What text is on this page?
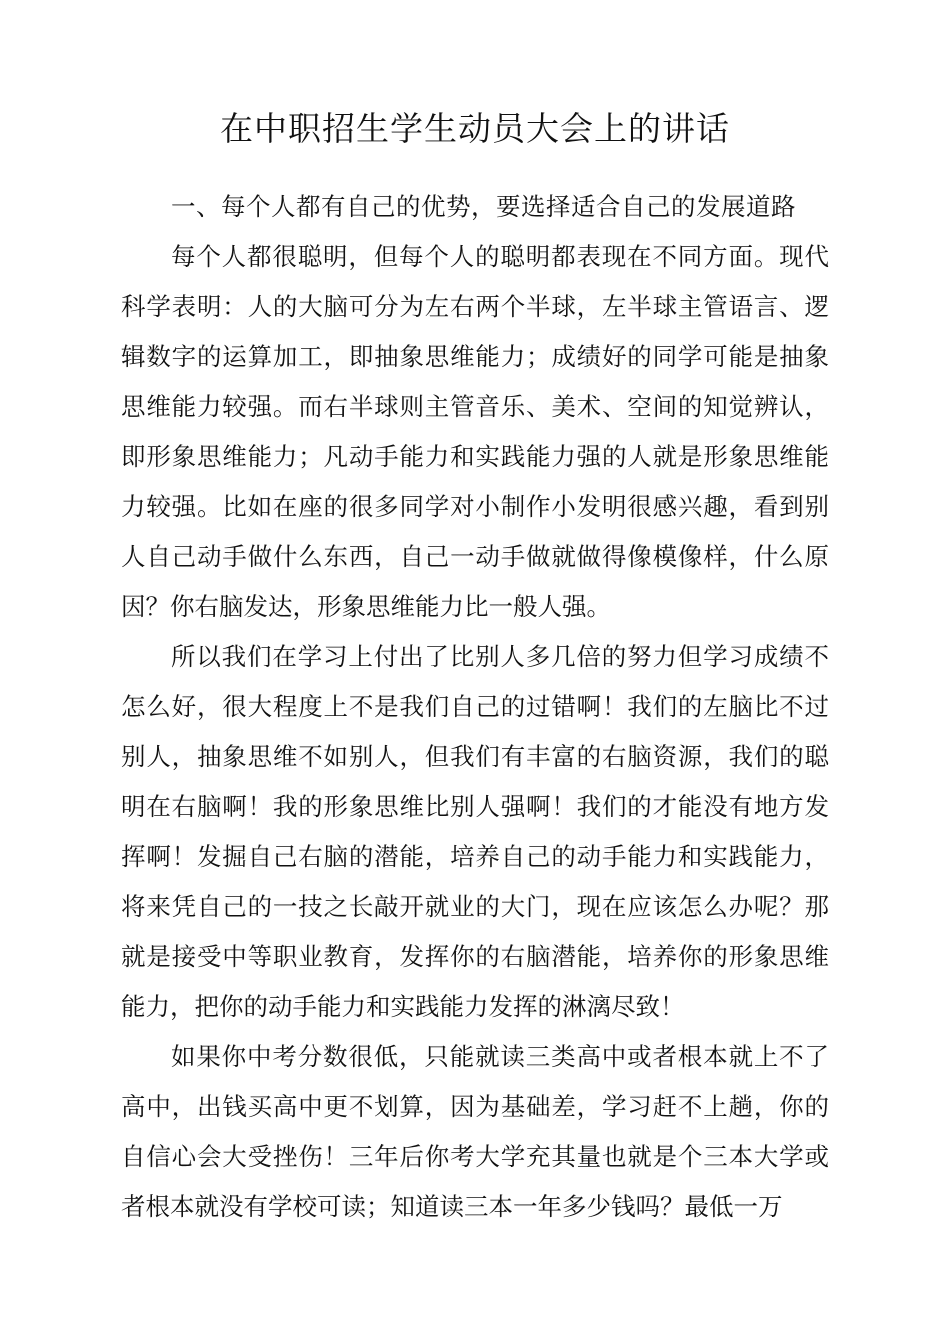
在中职招生学生动员大会上的讲话

一、每个人都有自己的优势，要选择适合自己的发展道路

每个人都很聪明，但每个人的聪明都表现在不同方面。现代科学表明：人的大脑可分为左右两个半球，左半球主管语言、逻辑数字的运算加工，即抽象思维能力；成绩好的同学可能是抽象思维能力较强。而右半球则主管音乐、美术、空间的知觉辨认，即形象思维能力；凡动手能力和实践能力强的人就是形象思维能力较强。比如在座的很多同学对小制作小发明很感兴趣，看到别人自己动手做什么东西，自己一动手做就做得像模像样，什么原因？你右脑发达，形象思维能力比一般人强。

所以我们在学习上付出了比别人多几倍的努力但学习成绩不怎么好，很大程度上不是我们自己的过错啊！我们的左脑比不过别人，抽象思维不如别人，但我们有丰富的右脑资源，我们的聪明在右脑啊！我的形象思维比别人强啊！我们的才能没有地方发挥啊！发掘自己右脑的潜能，培养自己的动手能力和实践能力，将来凭自己的一技之长敲开就业的大门，现在应该怎么办呢？那就是接受中等职业教育，发挥你的右脑潜能，培养你的形象思维能力，把你的动手能力和实践能力发挥的淋漓尽致！

如果你中考分数很低，只能就读三类高中或者根本就上不了高中，出钱买高中更不划算，因为基础差，学习赶不上趟，你的自信心会大受挫伤！三年后你考大学充其量也就是个三本大学或者根本就没有学校可读；知道读三本一年多少钱吗？最低一万
